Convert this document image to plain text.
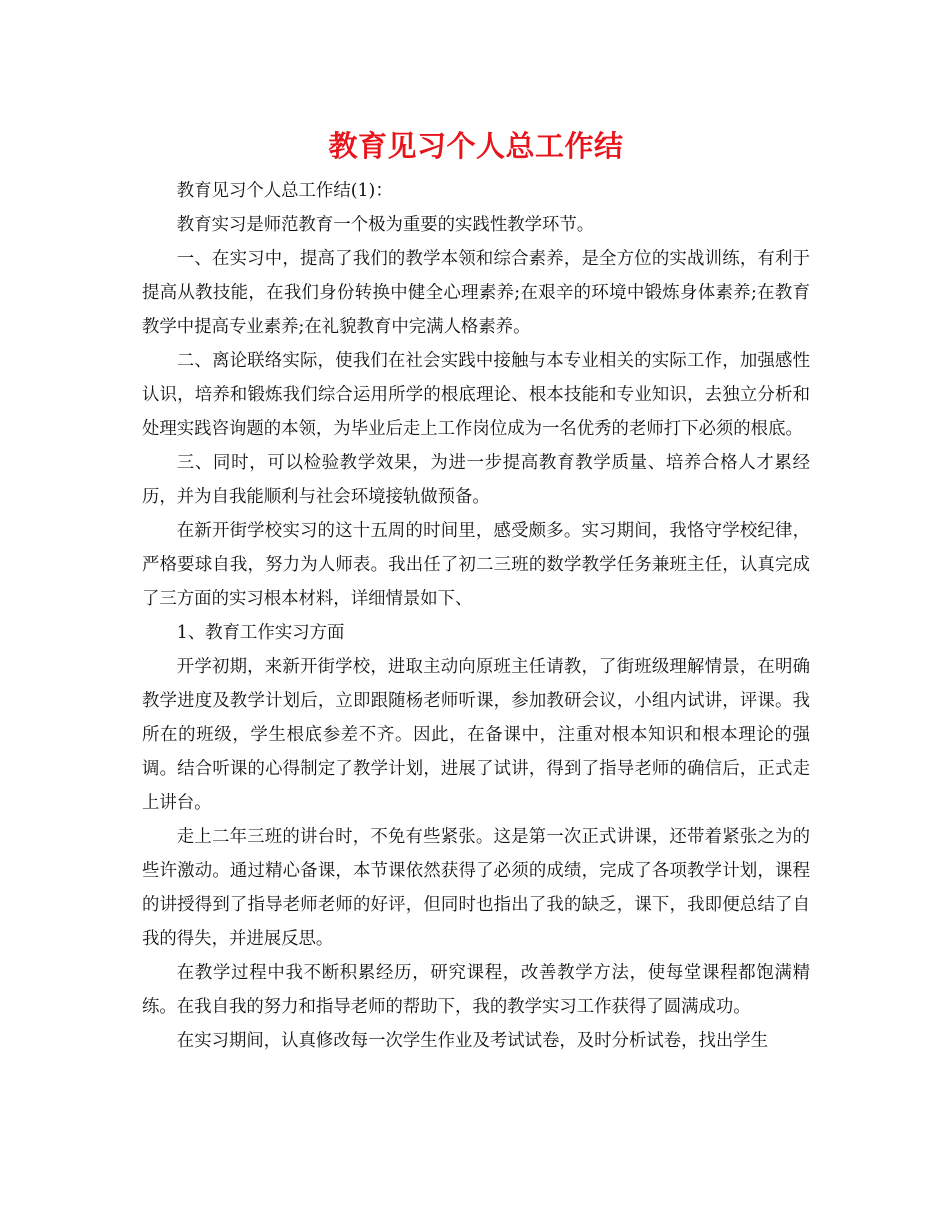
教育见习个人总工作结

教育见习个人总工作结(1)：

教育实习是师范教育一个极为重要的实践性教学环节。

一、在实习中，提高了我们的教学本领和综合素养，是全方位的实战训练，有利于提高从教技能，在我们身份转换中健全心理素养;在艰辛的环境中锻炼身体素养;在教育教学中提高专业素养;在礼貌教育中完满人格素养。

二、离论联络实际，使我们在社会实践中接触与本专业相关的实际工作，加强感性认识，培养和锻炼我们综合运用所学的根底理论、根本技能和专业知识，去独立分析和处理实践咨询题的本领，为毕业后走上工作岗位成为一名优秀的老师打下必须的根底。

三、同时，可以检验教学效果，为进一步提高教育教学质量、培养合格人才累经历，并为自我能顺利与社会环境接轨做预备。

在新开街学校实习的这十五周的时间里，感受颇多。实习期间，我恪守学校纪律，严格要球自我，努力为人师表。我出任了初二三班的数学教学任务兼班主任，认真完成了三方面的实习根本材料，详细情景如下、

1、教育工作实习方面

开学初期，来新开街学校，进取主动向原班主任请教，了街班级理解情景，在明确教学进度及教学计划后，立即跟随杨老师听课，参加教研会议，小组内试讲，评课。我所在的班级，学生根底参差不齐。因此，在备课中，注重对根本知识和根本理论的强调。结合听课的心得制定了教学计划，进展了试讲，得到了指导老师的确信后，正式走上讲台。

走上二年三班的讲台时，不免有些紧张。这是第一次正式讲课，还带着紧张之为的些许激动。通过精心备课，本节课依然获得了必须的成绩，完成了各项教学计划，课程的讲授得到了指导老师老师的好评，但同时也指出了我的缺乏，课下，我即便总结了自我的得失，并进展反思。

在教学过程中我不断积累经历，研究课程，改善教学方法，使每堂课程都饱满精练。在我自我的努力和指导老师的帮助下，我的教学实习工作获得了圆满成功。

在实习期间，认真修改每一次学生作业及考试试卷，及时分析试卷，找出学生
